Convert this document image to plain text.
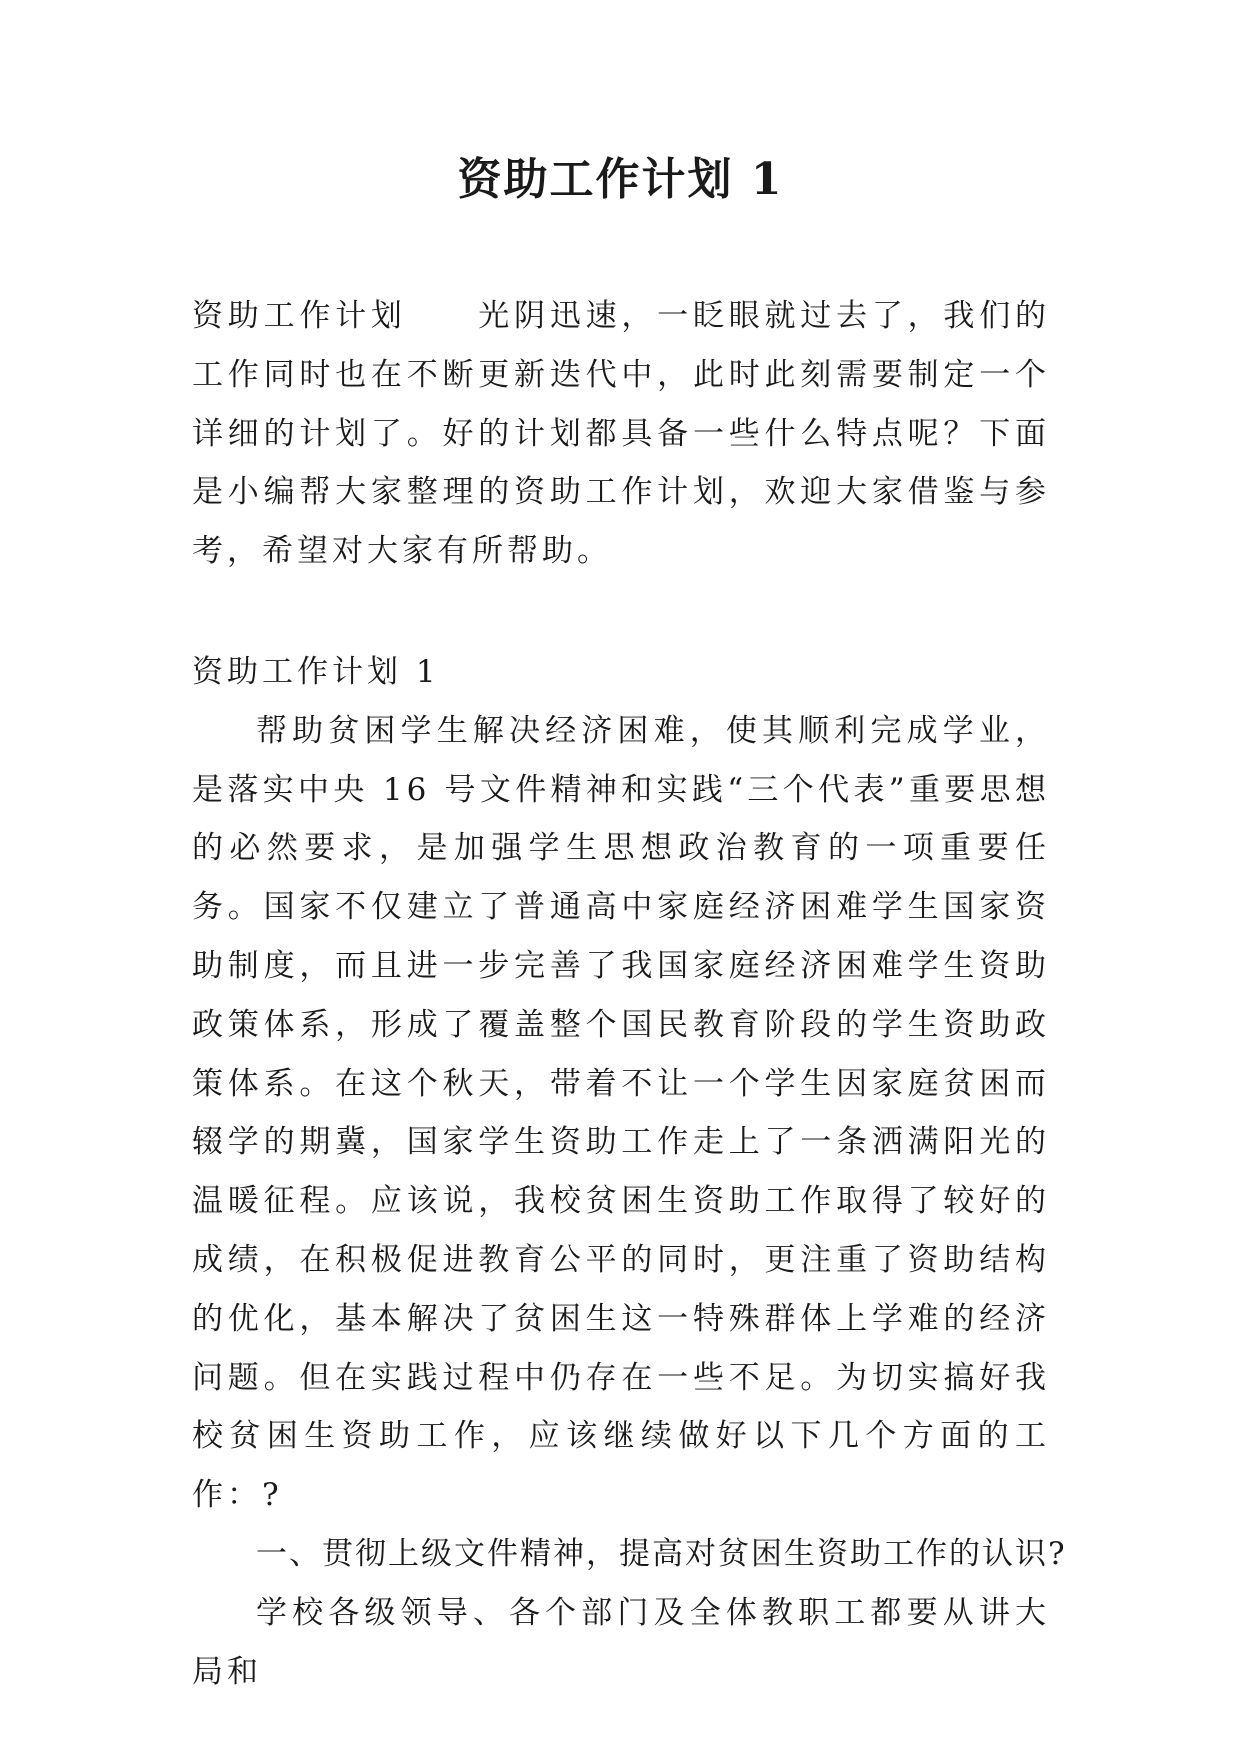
资助工作计划 1

资助工作计划　　光阴迅速，一眨眼就过去了，我们的工作同时也在不断更新迭代中，此时此刻需要制定一个详细的计划了。好的计划都具备一些什么特点呢？下面是小编帮大家整理的资助工作计划，欢迎大家借鉴与参考，希望对大家有所帮助。

资助工作计划 1

帮助贫困学生解决经济困难，使其顺利完成学业，是落实中央 16 号文件精神和实践“三个代表”重要思想的必然要求，是加强学生思想政治教育的一项重要任务。国家不仅建立了普通高中家庭经济困难学生国家资助制度，而且进一步完善了我国家庭经济困难学生资助政策体系，形成了覆盖整个国民教育阶段的学生资助政策体系。在这个秋天，带着不让一个学生因家庭贫困而辍学的期冀，国家学生资助工作走上了一条洒满阳光的温暖征程。应该说，我校贫困生资助工作取得了较好的成绩，在积极促进教育公平的同时，更注重了资助结构的优化，基本解决了贫困生这一特殊群体上学难的经济问题。但在实践过程中仍存在一些不足。为切实搞好我校贫困生资助工作，应该继续做好以下几个方面的工作：?

一、贯彻上级文件精神，提高对贫困生资助工作的认识?

学校各级领导、各个部门及全体教职工都要从讲大局和
